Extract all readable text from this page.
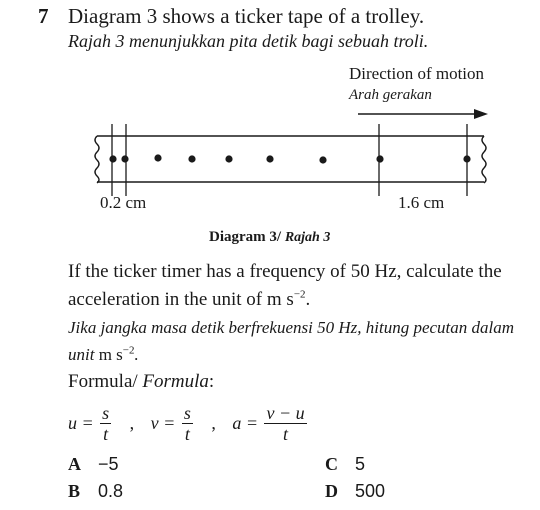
7 Diagram 3 shows a ticker tape of a trolley.
Rajah 3 menunjukkan pita detik bagi sebuah troli.
Direction of motion
Arah gerakan
0.2 cm	1.6 cm
Diagram 3/ Rajah 3
If the ticker timer has a frequency of 50 Hz, calculate the acceleration in the unit of m $s^{-2}$.
Jika jangka masa detik berfrekuensi 50 Hz, hitung pecutan dalam unit m $s^{-2}$.
Formula/ Formula:
$u = \frac{s}{t}$ , $v = \frac{s}{t}$ , $a = \frac{v - u}{t}$
A −5
B 0.8
C 5
D 500
